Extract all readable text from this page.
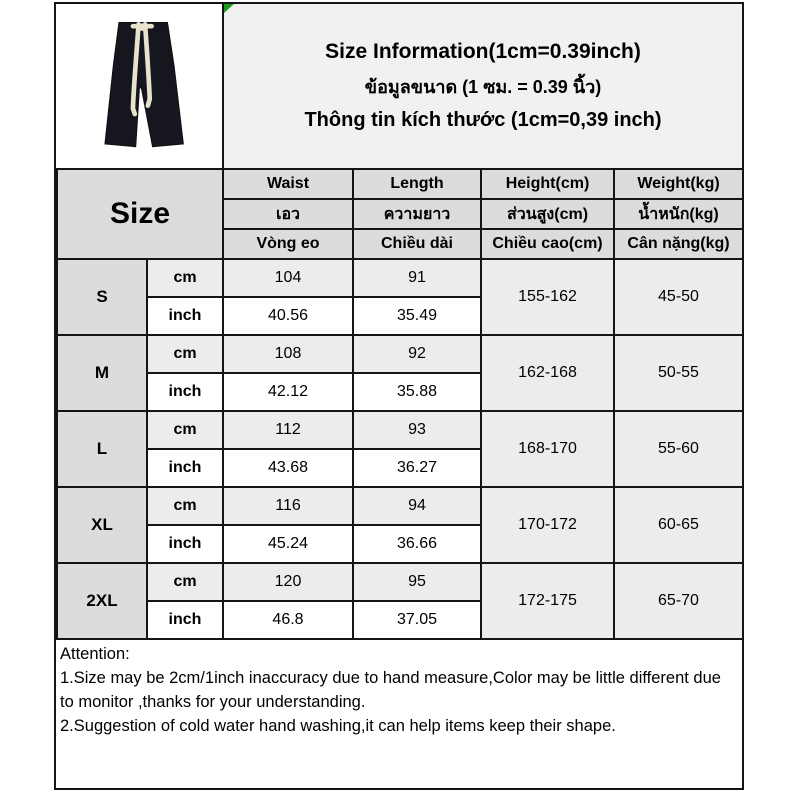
Size Information(1cm=0.39inch)
ข้อมูลขนาด (1 ซม. = 0.39 นิ้ว)
Thông tin kích thước (1cm=0,39 inch)
Size		Waist	Length	Height(cm)	Weight(kg)
		เอว	ความยาว	ส่วนสูง(cm)	น้ำหนัก(kg)
		Vòng eo	Chiều dài	Chiều cao(cm)	Cân nặng(kg)
S	cm	104	91	155-162	45-50
	inch	40.56	35.49		
M	cm	108	92	162-168	50-55
	inch	42.12	35.88		
L	cm	112	93	168-170	55-60
	inch	43.68	36.27		
XL	cm	116	94	170-172	60-65
	inch	45.24	36.66		
2XL	cm	120	95	172-175	65-70
	inch	46.8	37.05		
Attention:
1.Size may be 2cm/1inch inaccuracy due to hand measure,Color may be little different due to monitor ,thanks for your understanding.
2.Suggestion of cold water hand washing,it can help items keep their shape.
